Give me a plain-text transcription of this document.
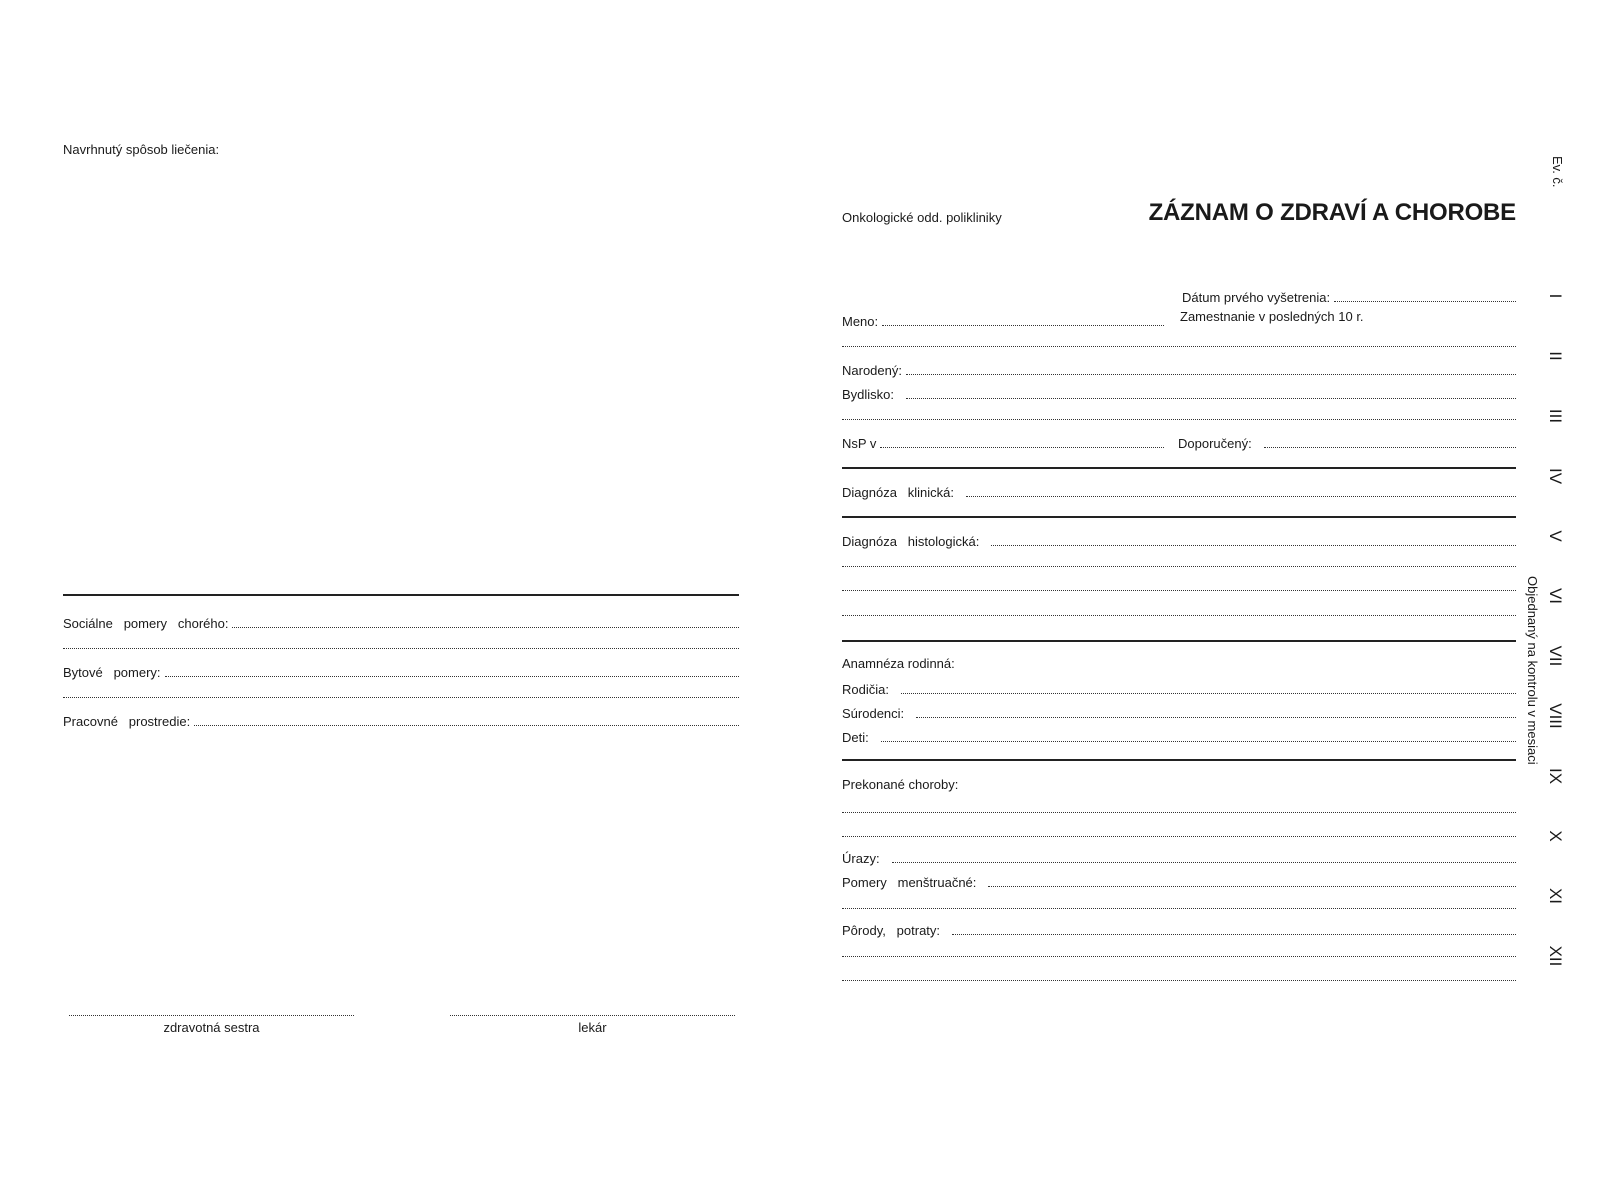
Navrhnutý spôsob liečenia:
Sociálne   pomery   chorého:
Bytové   pomery:
Pracovné   prostredie:
zdravotná sestra	lekár
Onkologické odd. polikliniky	ZÁZNAM O ZDRAVÍ A CHOROBE
Dátum prvého vyšetrenia:
Meno:	Zamestnanie v posledných 10 r.
Narodený:
Bydlisko:
NsP v	Doporučený:
Diagnóza   klinická:
Diagnóza   histologická:
Anamnéza rodinná:
Rodičia:
Súrodenci:
Deti:
Prekonané choroby:
Úrazy:
Pomery   menštruačné:
Pôrody,   potraty:
Ev. č.
Objednaný na kontrolu v mesiaci
I
II
III
IV
V
VI
VII
VIII
IX
X
XI
XII
